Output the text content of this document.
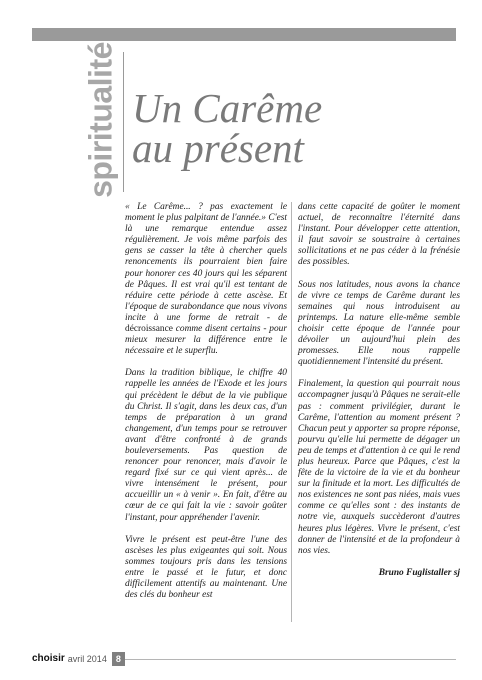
spiritualité Un Carême
au présent

« Le Carême... ? pas exactement le moment le plus palpitant de l'année.» C'est là une remarque entendue assez régulièrement. Je vois même parfois des gens se casser la tête à chercher quels renoncements ils pourraient bien faire pour honorer ces 40 jours qui les séparent de Pâques. Il est vrai qu'il est tentant de réduire cette période à cette ascèse. Et l'époque de surabondance que nous vivons incite à une forme de retrait - de décroissance comme disent certains - pour mieux mesurer la différence entre le nécessaire et le superflu.

Dans la tradition biblique, le chiffre 40 rappelle les années de l'Exode et les jours qui précèdent le début de la vie publique du Christ. Il s'agit, dans les deux cas, d'un temps de préparation à un grand changement, d'un temps pour se retrouver avant d'être confronté à de grands bouleversements. Pas question de renoncer pour renoncer, mais d'avoir le regard fixé sur ce qui vient après... de vivre intensément le présent, pour accueillir un « à venir ». En fait, d'être au cœur de ce qui fait la vie : savoir goûter l'instant, pour appréhender l'avenir.

Vivre le présent est peut-être l'une des ascèses les plus exigeantes qui soit. Nous sommes toujours pris dans les tensions entre le passé et le futur, et donc difficilement attentifs au maintenant. Une des clés du bonheur est

dans cette capacité de goûter le moment actuel, de reconnaître l'éternité dans l'instant. Pour développer cette attention, il faut savoir se soustraire à certaines sollicitations et ne pas céder à la frénésie des possibles.

Sous nos latitudes, nous avons la chance de vivre ce temps de Carême durant les semaines qui nous introduisent au printemps. La nature elle-même semble choisir cette époque de l'année pour dévoiler un aujourd'hui plein des promesses. Elle nous rappelle quotidiennement l'intensité du présent.

Finalement, la question qui pourrait nous accompagner jusqu'à Pâques ne serait-elle pas : comment privilégier, durant le Carême, l'attention au moment présent ? Chacun peut y apporter sa propre réponse, pourvu qu'elle lui permette de dégager un peu de temps et d'attention à ce qui le rend plus heureux. Parce que Pâques, c'est la fête de la victoire de la vie et du bonheur sur la finitude et la mort. Les difficultés de nos existences ne sont pas niées, mais vues comme ce qu'elles sont : des instants de notre vie, auxquels succèderont d'autres heures plus légères. Vivre le présent, c'est donner de l'intensité et de la profondeur à nos vies.

Bruno Fuglistaller sj
choisir avril 2014	8
